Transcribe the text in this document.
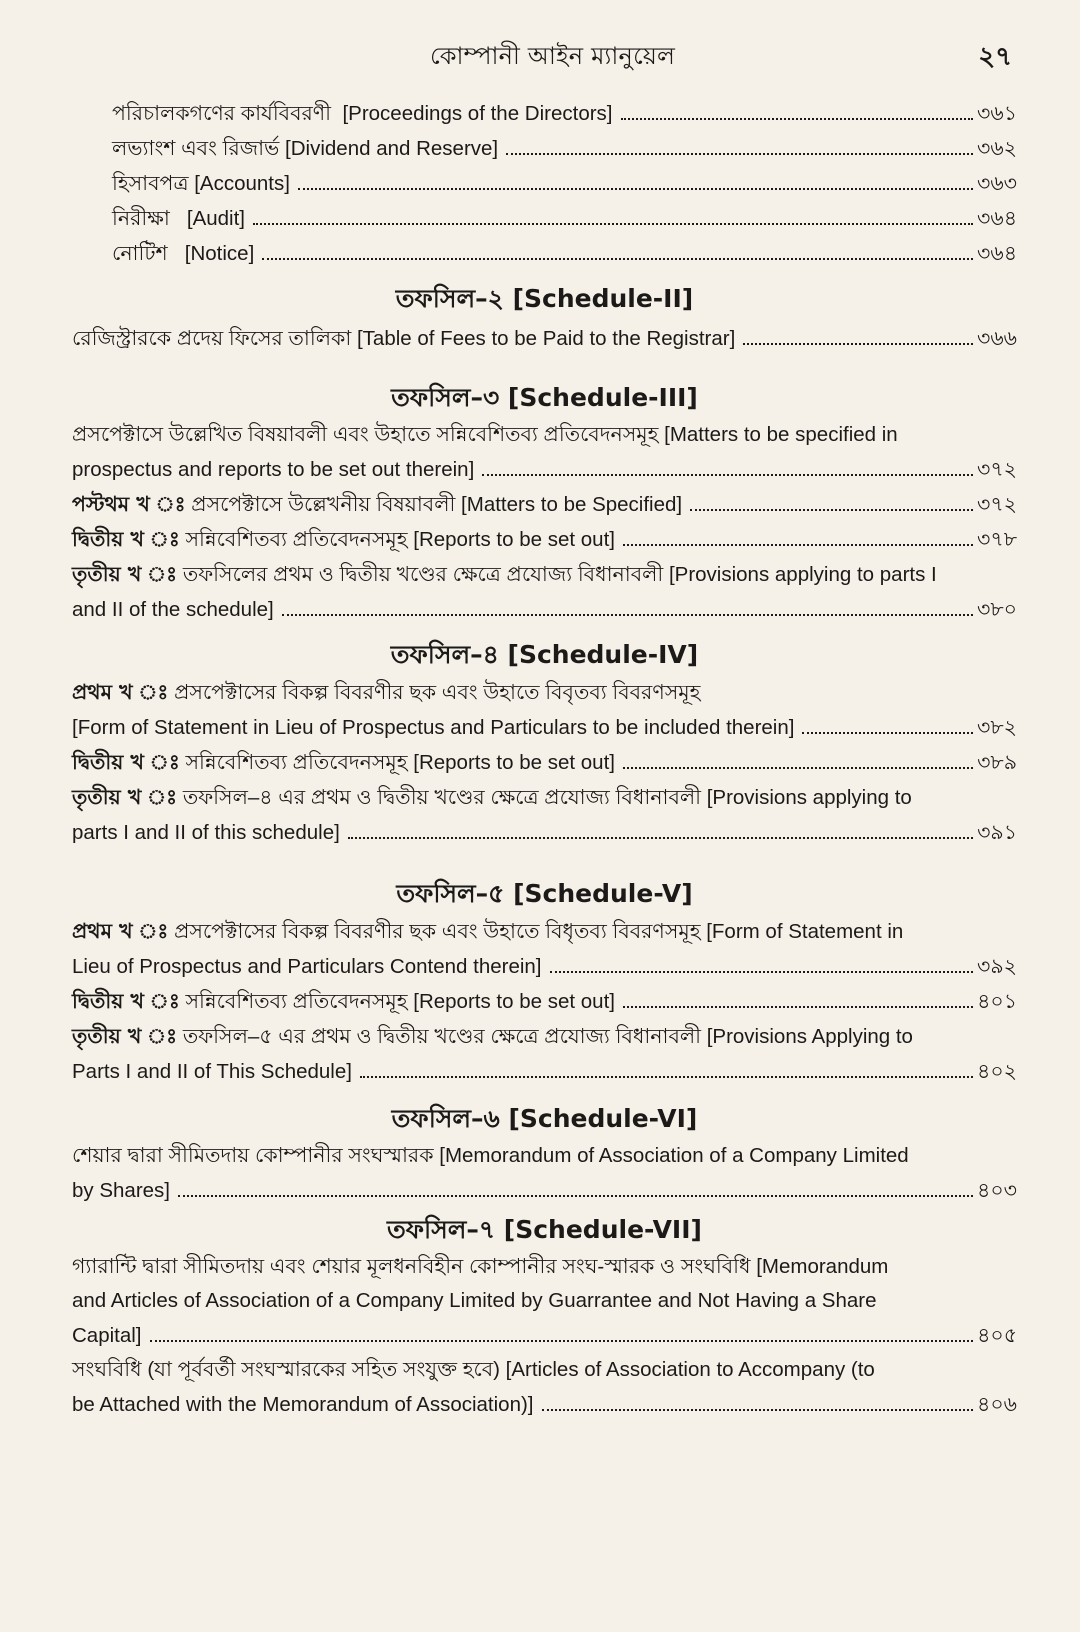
কোম্পানী আইন ম্যানুয়েল	২৭
পরিচালকগণের কার্যবিবরণী
[Proceedings of the Directors]	৩৬১
লভ্যাংশ এবং রিজার্ভ
[Dividend and Reserve]	৩৬২
হিসাবপত্র
[Accounts]	৩৬৩
নিরীক্ষা
[Audit]	৩৬৪
নোটিশ
[Notice]	৩৬৪
তফসিল–২ [Schedule-II]
রেজিস্ট্রারকে প্রদেয় ফিসের তালিকা
[Table of Fees to be Paid to the Registrar]	৩৬৬
তফসিল–৩ [Schedule-III]
প্রসপেক্টাসে উল্লেখিত বিষয়াবলী এবং উহাতে সন্নিবেশিতব্য প্রতিবেদনসমূহ [Matters to be specified in
prospectus and reports to be set out therein]	৩৭২
পস্টথম খ ঃ
প্রসপেক্টাসে উল্লেখনীয় বিষয়াবলী [Matters to be Specified]	৩৭২
দ্বিতীয় খ ঃ
সন্নিবেশিতব্য প্রতিবেদনসমূহ [Reports to be set out]	৩৭৮
তৃতীয় খ ঃ তফসিলের প্রথম ও দ্বিতীয় খণ্ডের ক্ষেত্রে প্রযোজ্য বিধানাবলী [Provisions applying to parts I
and II of the schedule]	৩৮০
তফসিল–৪ [Schedule-IV]
প্রথম খ ঃ প্রসপেক্টাসের বিকল্প বিবরণীর ছক এবং উহাতে বিবৃতব্য বিবরণসমূহ
[Form of Statement in Lieu of Prospectus and Particulars to be included therein]	৩৮২
দ্বিতীয় খ ঃ
সন্নিবেশিতব্য প্রতিবেদনসমূহ [Reports to be set out]	৩৮৯
তৃতীয় খ ঃ তফসিল–৪ এর প্রথম ও দ্বিতীয় খণ্ডের ক্ষেত্রে প্রযোজ্য বিধানাবলী [Provisions applying to
parts I and II of this schedule]	৩৯১
তফসিল–৫ [Schedule-V]
প্রথম খ ঃ প্রসপেক্টাসের বিকল্প বিবরণীর ছক এবং উহাতে বিধৃতব্য বিবরণসমূহ [Form of Statement in
Lieu of Prospectus and Particulars Contend therein]	৩৯২
দ্বিতীয় খ ঃ
সন্নিবেশিতব্য প্রতিবেদনসমূহ [Reports to be set out]	৪০১
তৃতীয় খ ঃ তফসিল–৫ এর প্রথম ও দ্বিতীয় খণ্ডের ক্ষেত্রে প্রযোজ্য বিধানাবলী [Provisions Applying to
Parts I and II of This Schedule]	৪০২
তফসিল–৬ [Schedule-VI]
শেয়ার দ্বারা সীমিতদায় কোম্পানীর সংঘস্মারক [Memorandum of Association of a Company Limited
by Shares]	৪০৩
তফসিল–৭ [Schedule-VII]
গ্যারান্টি দ্বারা সীমিতদায় এবং শেয়ার মূলধনবিহীন কোম্পানীর সংঘ-স্মারক ও সংঘবিধি [Memorandum
and Articles of Association of a Company Limited by Guarrantee and Not Having a Share
Capital]	৪০৫
সংঘবিধি (যা পূর্ববর্তী সংঘস্মারকের সহিত সংযুক্ত হবে) [Articles of Association to Accompany (to
be Attached with the Memorandum of Association)]	৪০৬
